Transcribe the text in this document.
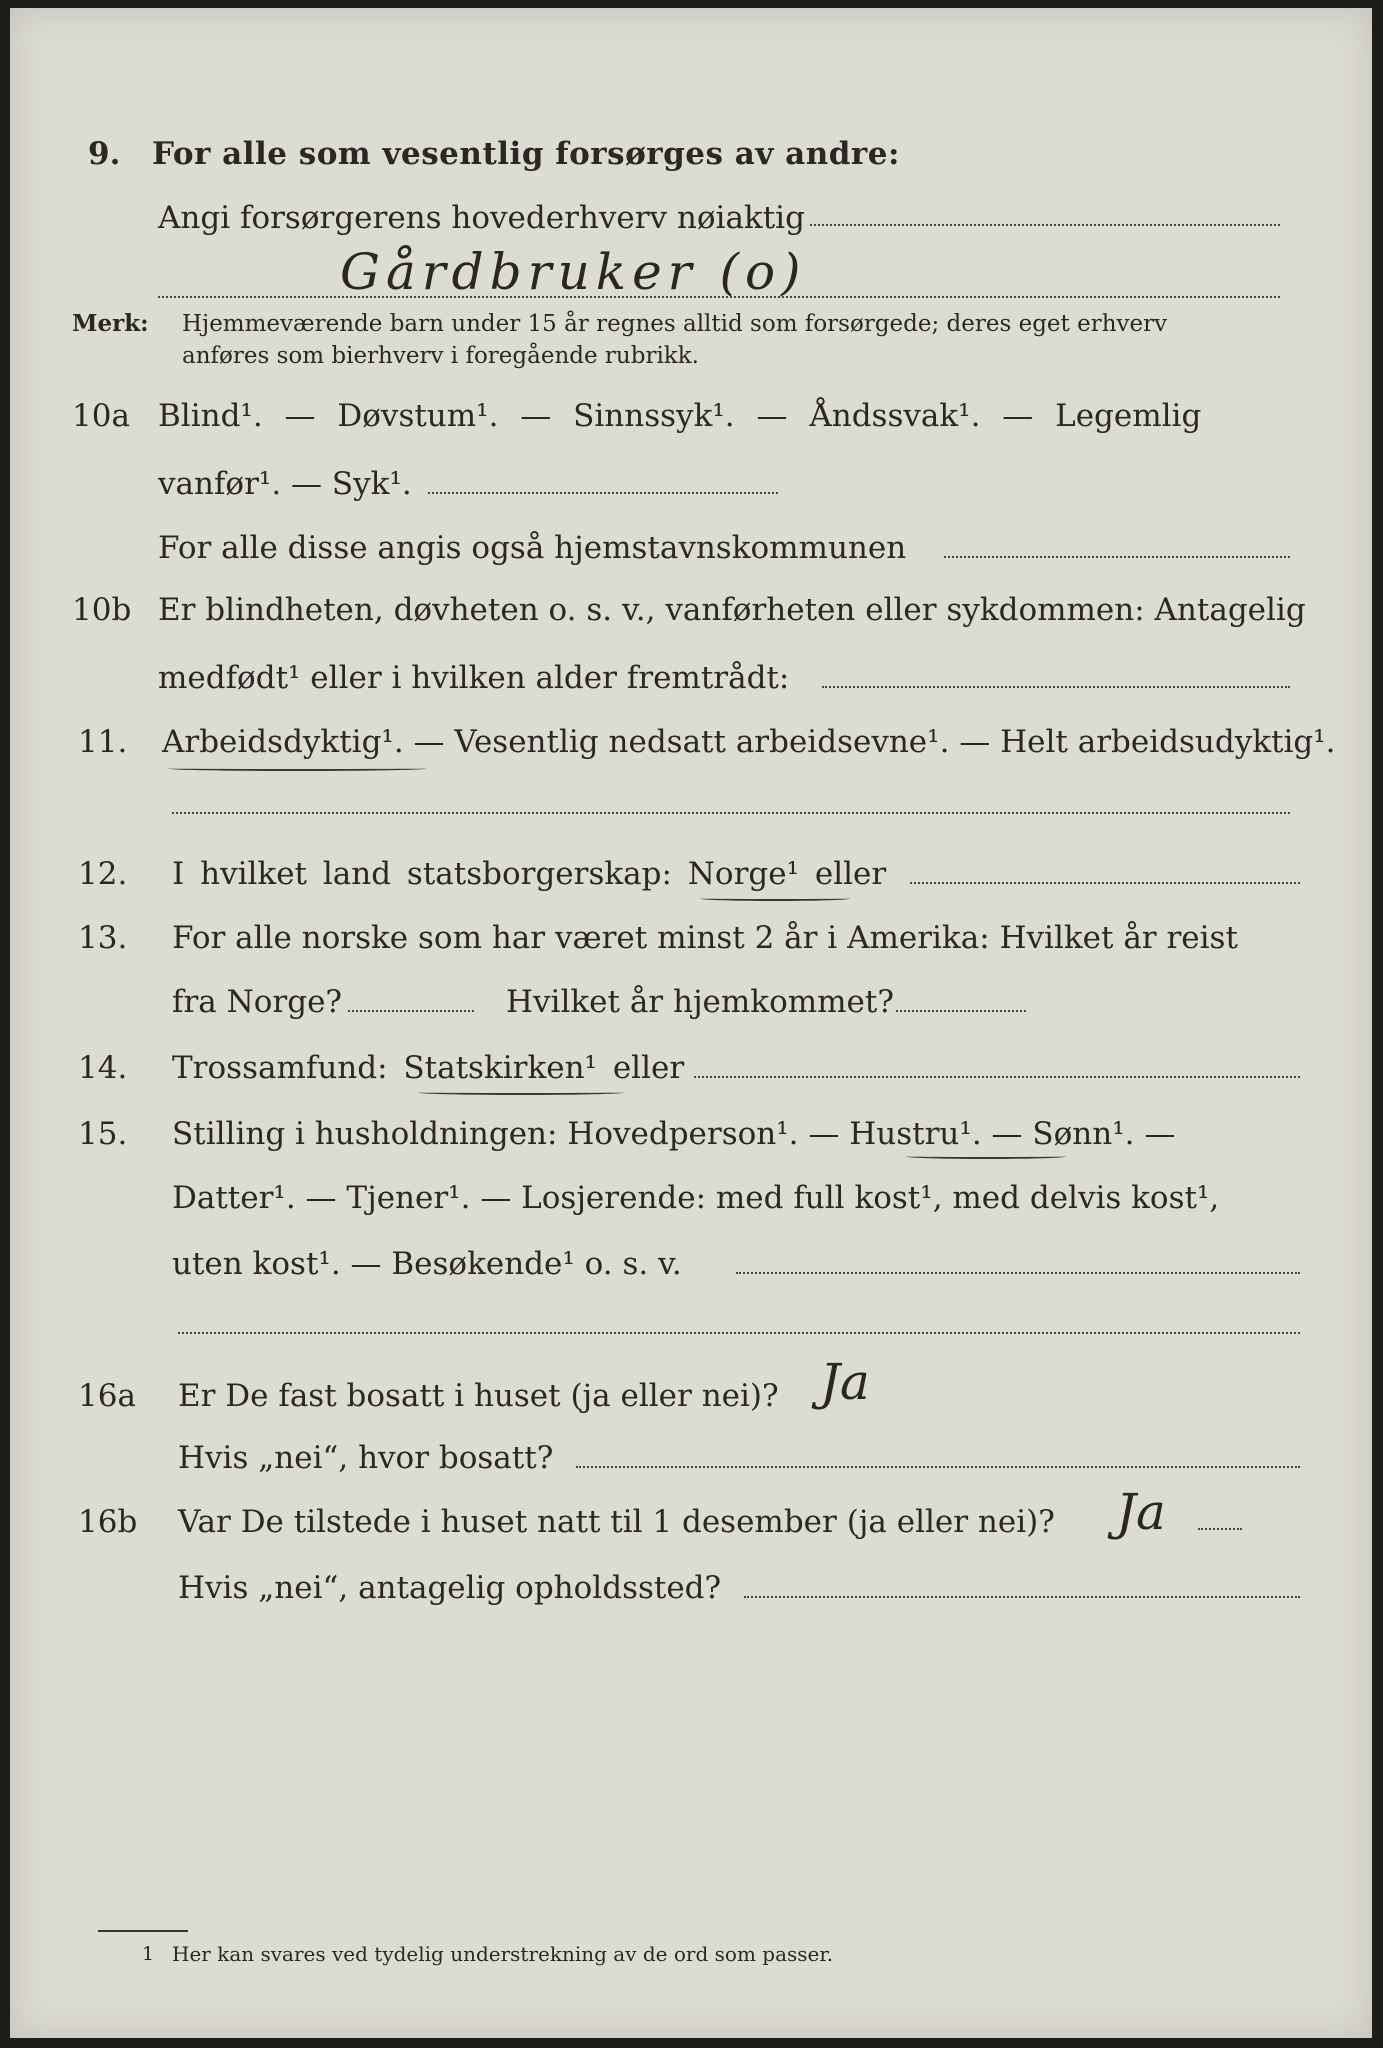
9. For alle som vesentlig forsørges av andre:
Angi forsørgerens hovederhverv nøiaktig
Gårdbruker (o)
Merk: Hjemmeværende barn under 15 år regnes alltid som forsørgede; deres eget erhverv
anføres som bierhverv i foregående rubrikk.
10a Blind¹. — Døvstum¹. — Sinnssyk¹. — Åndssvak¹. — Legemlig
vanfør¹. — Syk¹.
For alle disse angis også hjemstavnskommunen
10b Er blindheten, døvheten o. s. v., vanførheten eller sykdommen: Antagelig
medfødt¹ eller i hvilken alder fremtrådt:
11. Arbeidsdyktig¹. — Vesentlig nedsatt arbeidsevne¹. — Helt arbeidsudyktig¹.
12. I hvilket land statsborgerskap: Norge¹ eller
13. For alle norske som har været minst 2 år i Amerika: Hvilket år reist
fra Norge?	Hvilket år hjemkommet?
14. Trossamfund: Statskirken¹ eller
15. Stilling i husholdningen: Hovedperson¹. — Hustru¹. — Sønn¹. —
Datter¹. — Tjener¹. — Losjerende: med full kost¹, med delvis kost¹,
uten kost¹. — Besøkende¹ o. s. v.
16a Er De fast bosatt i huset (ja eller nei)? Ja
Hvis „nei“, hvor bosatt?
16b Var De tilstede i huset natt til 1 desember (ja eller nei)? Ja
Hvis „nei“, antagelig opholdssted?
1 Her kan svares ved tydelig understrekning av de ord som passer.
